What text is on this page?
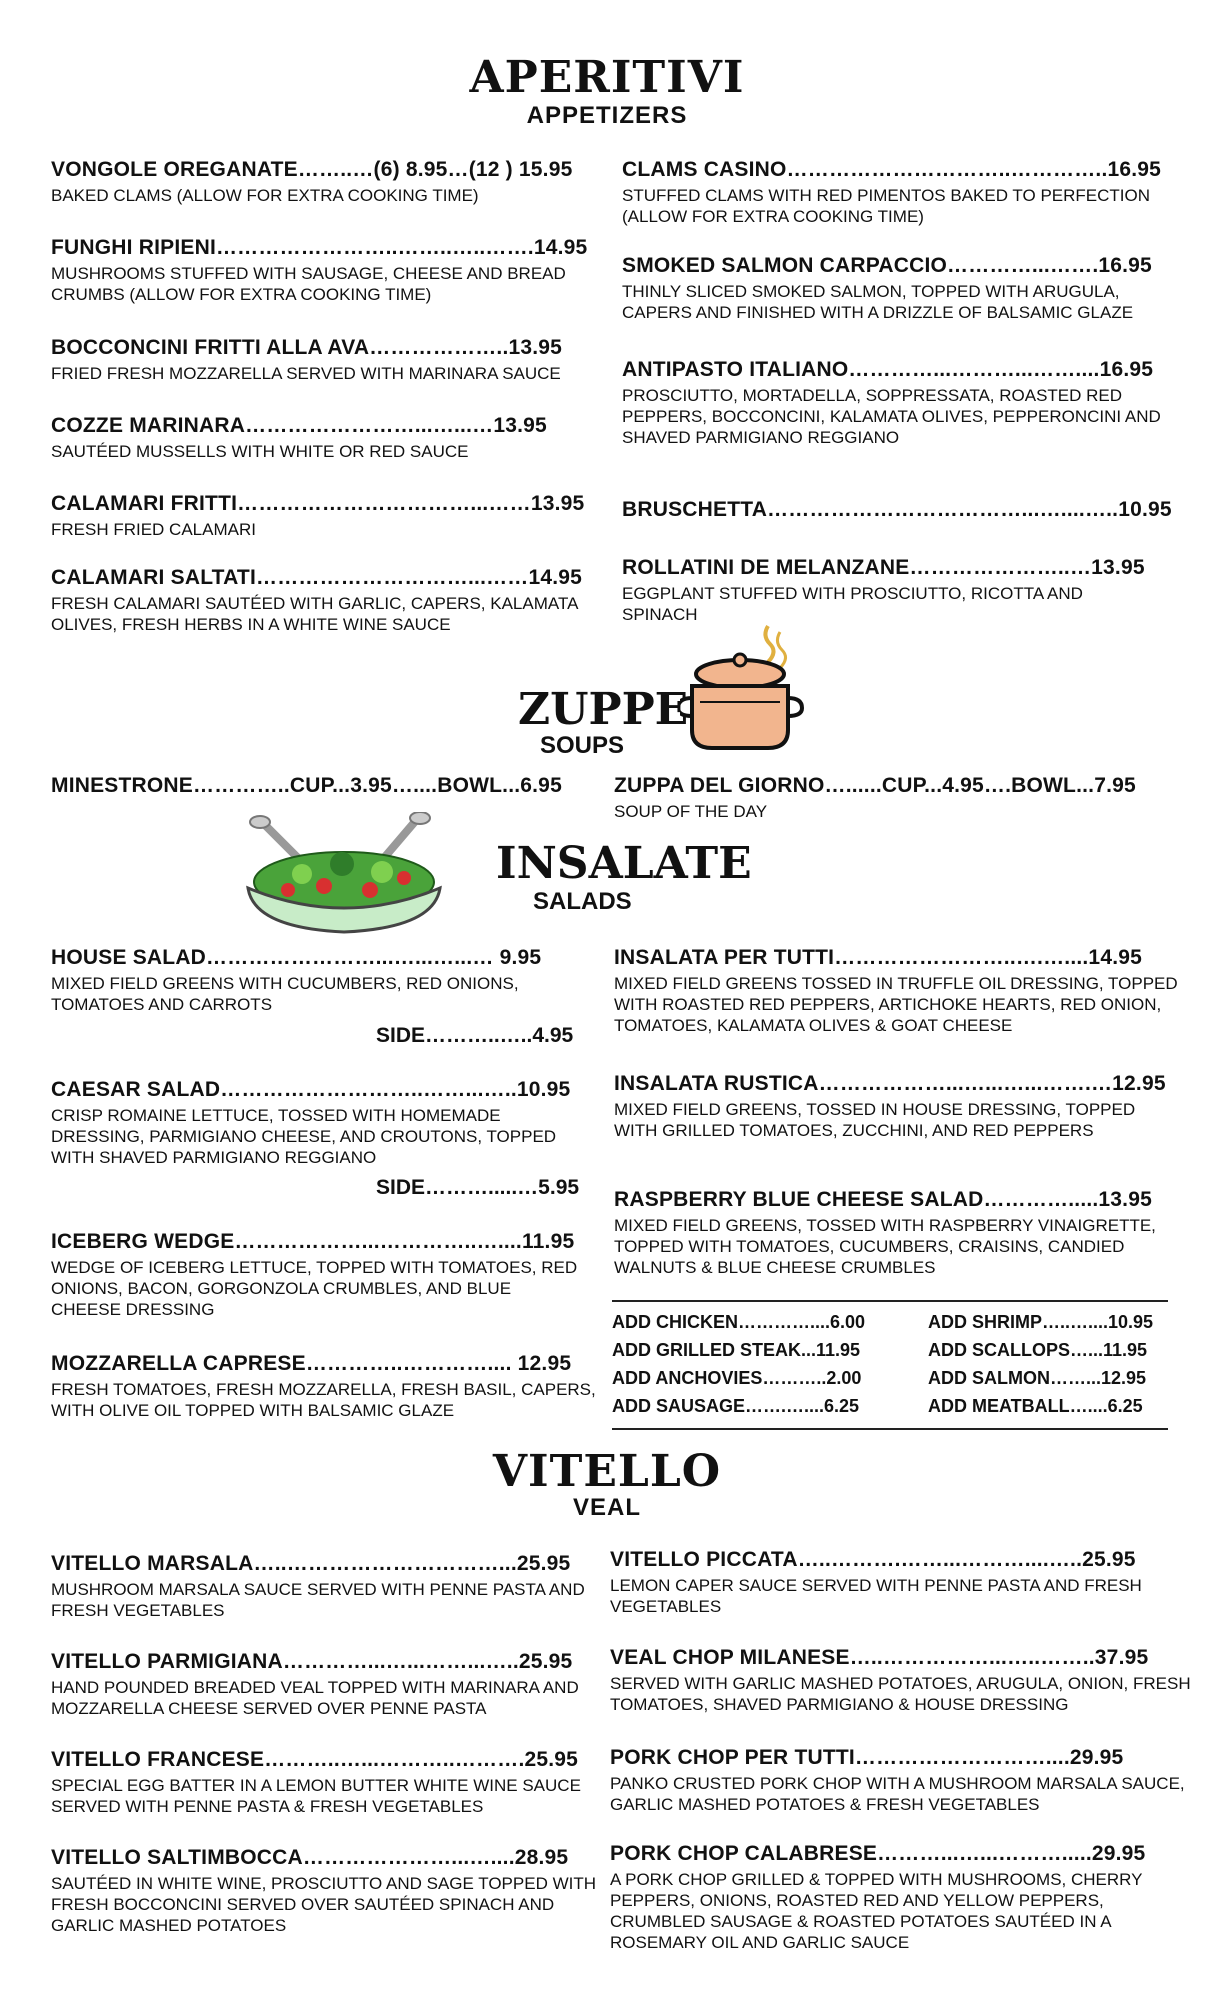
APERITIVI
APPETIZERS
VONGOLE OREGANATE……..…(6) 8.95…(12 ) 15.95
BAKED CLAMS (ALLOW FOR EXTRA COOKING TIME)
FUNGHI RIPIENI……………………..……..…..…….14.95
MUSHROOMS STUFFED WITH SAUSAGE, CHEESE AND BREAD CRUMBS (ALLOW FOR EXTRA COOKING TIME)
BOCCONCINI FRITTI ALLA AVA………………..13.95
FRIED FRESH MOZZARELLA SERVED WITH MARINARA SAUCE
COZZE MARINARA……………………...…...…13.95
SAUTÉED MUSSELLS WITH WHITE OR RED SAUCE
CALAMARI FRITTI……………………………...……13.95
FRESH FRIED CALAMARI
CALAMARI SALTATI…………………………...……14.95
FRESH CALAMARI SAUTÉED WITH GARLIC, CAPERS, KALAMATA OLIVES, FRESH HERBS IN A WHITE WINE SAUCE
CLAMS CASINO…………………………..…………..16.95
STUFFED CLAMS WITH RED PIMENTOS BAKED TO PERFECTION (ALLOW FOR EXTRA COOKING TIME)
SMOKED SALMON CARPACCIO…………...…….16.95
THINLY SLICED SMOKED SALMON, TOPPED WITH ARUGULA, CAPERS AND FINISHED WITH A DRIZZLE OF BALSAMIC GLAZE
ANTIPASTO ITALIANO…………...………...……....16.95
PROSCIUTTO, MORTADELLA, SOPPRESSATA, ROASTED RED PEPPERS, BOCCONCINI, KALAMATA OLIVES, PEPPERONCINI AND SHAVED PARMIGIANO REGGIANO
BRUSCHETTA………………………………...…....…..10.95
ROLLATINI DE MELANZANE…………………..…13.95
EGGPLANT STUFFED WITH PROSCIUTTO, RICOTTA AND SPINACH
ZUPPE
SOUPS
MINESTRONE…………..CUP...3.95…....BOWL...6.95	ZUPPA DEL GIORNO…......CUP...4.95….BOWL...7.95
SOUP OF THE DAY
INSALATE
SALADS
HOUSE SALAD……………………...…...…...… 9.95
MIXED FIELD GREENS WITH CUCUMBERS, RED ONIONS, TOMATOES AND CARROTS
SIDE………..…..4.95
CAESAR SALAD………………………..……...…..10.95
CRISP ROMAINE LETTUCE, TOSSED WITH HOMEMADE DRESSING, PARMIGIANO CHEESE, AND CROUTONS, TOPPED WITH SHAVED PARMIGIANO REGGIANO
SIDE……….....…5.95
ICEBERG WEDGE………………...…………..…....11.95
WEDGE OF ICEBERG LETTUCE, TOPPED WITH TOMATOES, RED ONIONS, BACON, GORGONZOLA CRUMBLES, AND BLUE CHEESE DRESSING
MOZZARELLA CAPRESE…………..………….... 12.95
FRESH TOMATOES, FRESH MOZZARELLA, FRESH BASIL, CAPERS, WITH OLIVE OIL TOPPED WITH BALSAMIC GLAZE
INSALATA PER TUTTI……………………..….…....14.95
MIXED FIELD GREENS TOSSED IN TRUFFLE OIL DRESSING, TOPPED WITH ROASTED RED PEPPERS, ARTICHOKE HEARTS, RED ONION, TOMATOES, KALAMATA OLIVES & GOAT CHEESE
INSALATA RUSTICA………………...…...…...…….…12.95
MIXED FIELD GREENS, TOSSED IN HOUSE DRESSING, TOPPED WITH GRILLED TOMATOES, ZUCCHINI, AND RED PEPPERS
RASPBERRY BLUE CHEESE SALAD………….....13.95
MIXED FIELD GREENS, TOSSED WITH RASPBERRY VINAIGRETTE, TOPPED WITH TOMATOES, CUCUMBERS, CRAISINS, CANDIED WALNUTS & BLUE CHEESE CRUMBLES
ADD CHICKEN…………....6.00
ADD GRILLED STEAK...11.95
ADD ANCHOVIES………..2.00
ADD SAUSAGE…….…....6.25
ADD SHRIMP…..…....10.95
ADD SCALLOPS…...11.95
ADD SALMON……...12.95
ADD MEATBALL…....6.25
VITELLO
VEAL
VITELLO MARSALA…..…………………………...25.95
MUSHROOM MARSALA SAUCE SERVED WITH PENNE PASTA AND FRESH VEGETABLES
VITELLO PARMIGIANA…………...…...……...…..25.95
HAND POUNDED BREADED VEAL TOPPED WITH MARINARA AND MOZZARELLA CHEESE SERVED OVER PENNE PASTA
VITELLO FRANCESE………..…...………..……….25.95
SPECIAL EGG BATTER IN A LEMON BUTTER WHITE WINE SAUCE SERVED WITH PENNE PASTA & FRESH VEGETABLES
VITELLO SALTIMBOCCA…………………...…....28.95
SAUTÉED IN WHITE WINE, PROSCIUTTO AND SAGE TOPPED WITH FRESH BOCCONCINI SERVED OVER SAUTÉED SPINACH AND GARLIC MASHED POTATOES
VITELLO PICCATA…..……….……...………....…..25.95
LEMON CAPER SAUCE SERVED WITH PENNE PASTA AND FRESH VEGETABLES
VEAL CHOP MILANESE…..……………...…..……..37.95
SERVED WITH GARLIC MASHED POTATOES, ARUGULA, ONION, FRESH TOMATOES, SHAVED PARMIGIANO & HOUSE DRESSING
PORK CHOP PER TUTTI………………………....29.95
PANKO CRUSTED PORK CHOP WITH A MUSHROOM MARSALA SAUCE, GARLIC MASHED POTATOES & FRESH VEGETABLES
PORK CHOP CALABRESE………...…...……….....29.95
A PORK CHOP GRILLED & TOPPED WITH MUSHROOMS, CHERRY PEPPERS, ONIONS, ROASTED RED AND YELLOW PEPPERS, CRUMBLED SAUSAGE & ROASTED POTATOES SAUTÉED IN A ROSEMARY OIL AND GARLIC SAUCE
